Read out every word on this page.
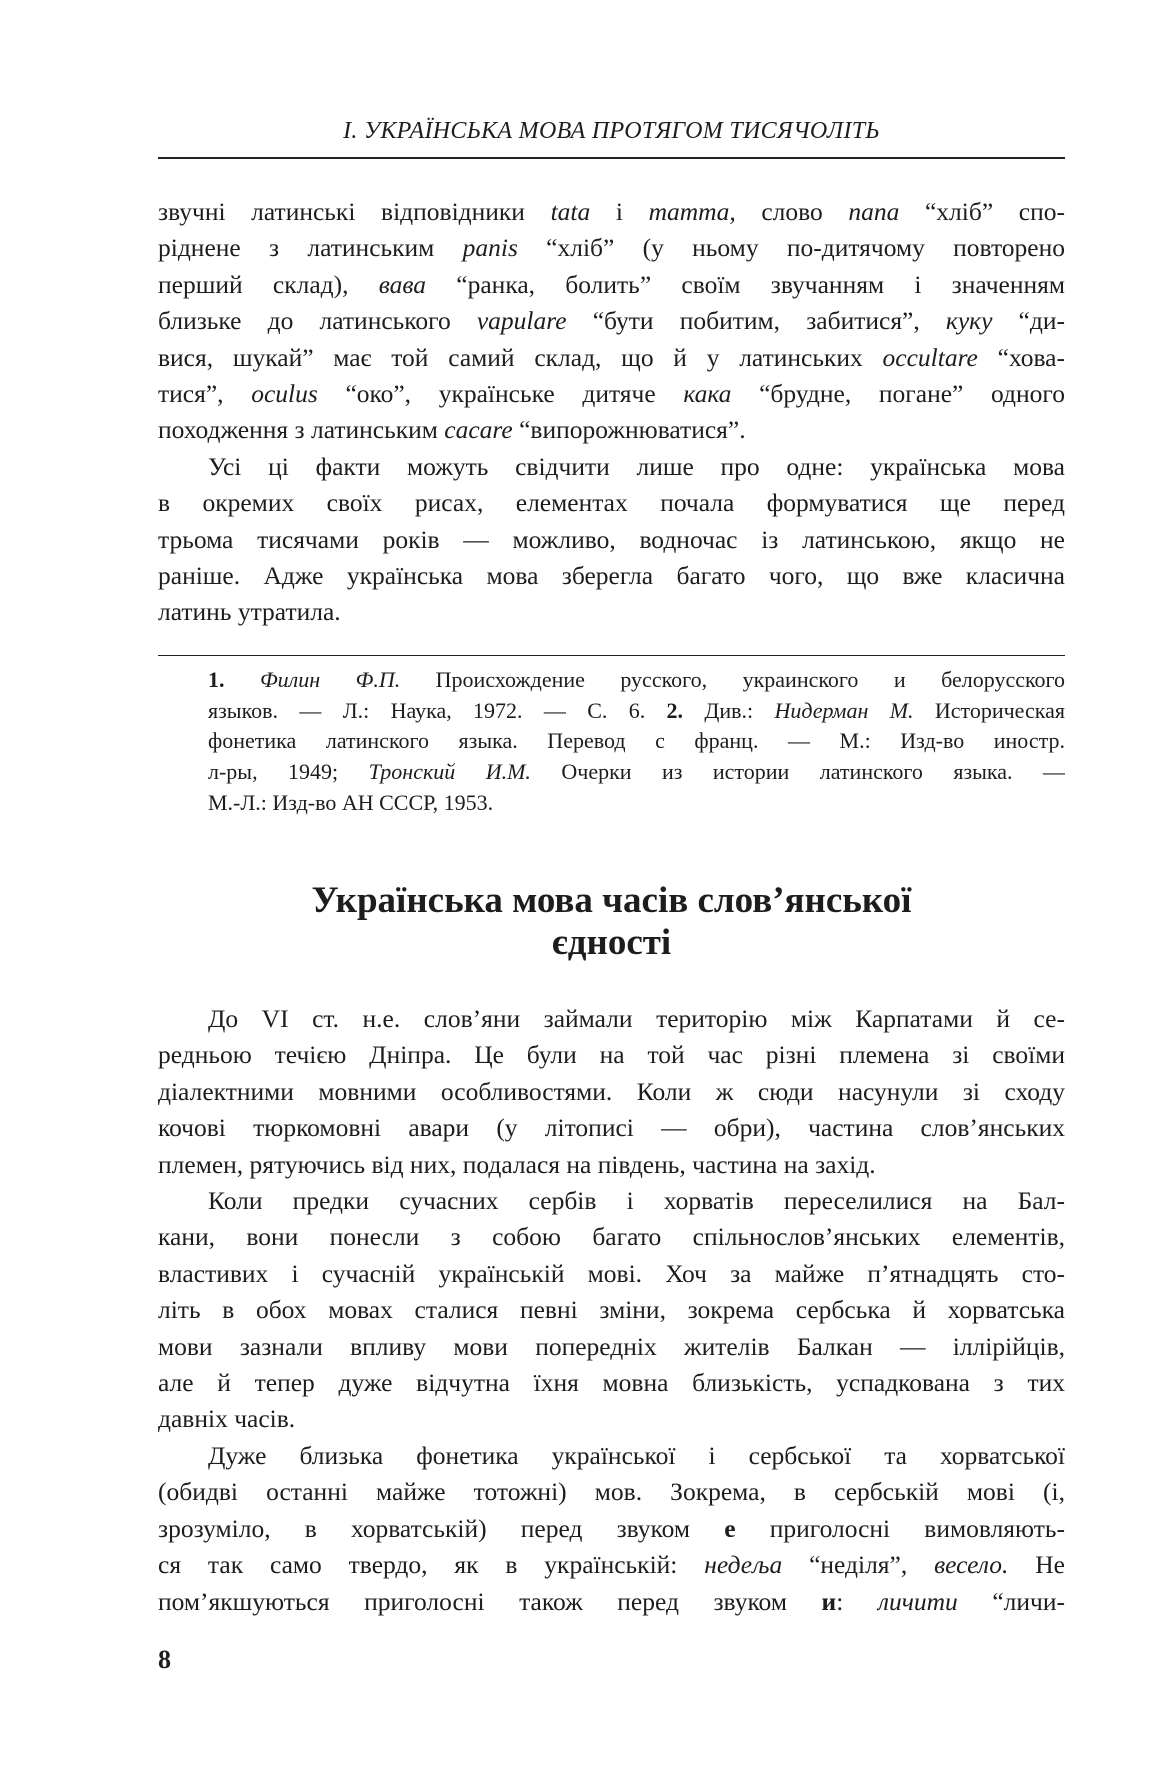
І. УКРАЇНСЬКА МОВА ПРОТЯГОМ ТИСЯЧОЛІТЬ
звучні латинські відповідники tata і mamma, слово папа “хліб” спо-
ріднене з латинським panis “хліб” (у ньому по-дитячому повторено
перший склад), вава “ранка, болить” своїм звучанням і значенням
близьке до латинського vapulare “бути побитим, забитися”, куку “ди-
вися, шукай” має той самий склад, що й у латинських occultare “хова-
тися”, oculus “око”, українське дитяче кака “брудне, погане” одного
походження з латинським cacare “випорожнюватися”.
Усі ці факти можуть свідчити лише про одне: українська мова
в окремих своїх рисах, елементах почала формуватися ще перед
трьома тисячами років — можливо, водночас із латинською, якщо не
раніше. Адже українська мова зберегла багато чого, що вже класична
латинь утратила.
1. Филин Ф.П. Происхождение русского, украинского и белорусского
языков. — Л.: Наука, 1972. — С. 6. 2. Див.: Нидерман М. Историческая
фонетика латинского языка. Перевод с франц. — М.: Изд-во иностр.
л-ры, 1949; Тронский И.М. Очерки из истории латинского языка. —
М.-Л.: Изд-во АН СССР, 1953.
Українська мова часів слов’янської
єдності
До VI ст. н.е. слов’яни займали територію між Карпатами й се-
редньою течією Дніпра. Це були на той час різні племена зі своїми
діалектними мовними особливостями. Коли ж сюди насунули зі сходу
кочові тюркомовні авари (у літописі — обри), частина слов’янських
племен, рятуючись від них, подалася на південь, частина на захід.
Коли предки сучасних сербів і хорватів переселилися на Бал-
кани, вони понесли з собою багато спільнослов’янських елементів,
властивих і сучасній українській мові. Хоч за майже п’ятнадцять сто-
літь в обох мовах сталися певні зміни, зокрема сербська й хорватська
мови зазнали впливу мови попередніх жителів Балкан — іллірійців,
але й тепер дуже відчутна їхня мовна близькість, успадкована з тих
давніх часів.
Дуже близька фонетика української і сербської та хорватської
(обидві останні майже тотожні) мов. Зокрема, в сербській мові (і,
зрозуміло, в хорватській) перед звуком е приголосні вимовляють-
ся так само твердо, як в українській: недеља “неділя”, весело. Не
пом’якшуються приголосні також перед звуком и: личити “личи-
8
